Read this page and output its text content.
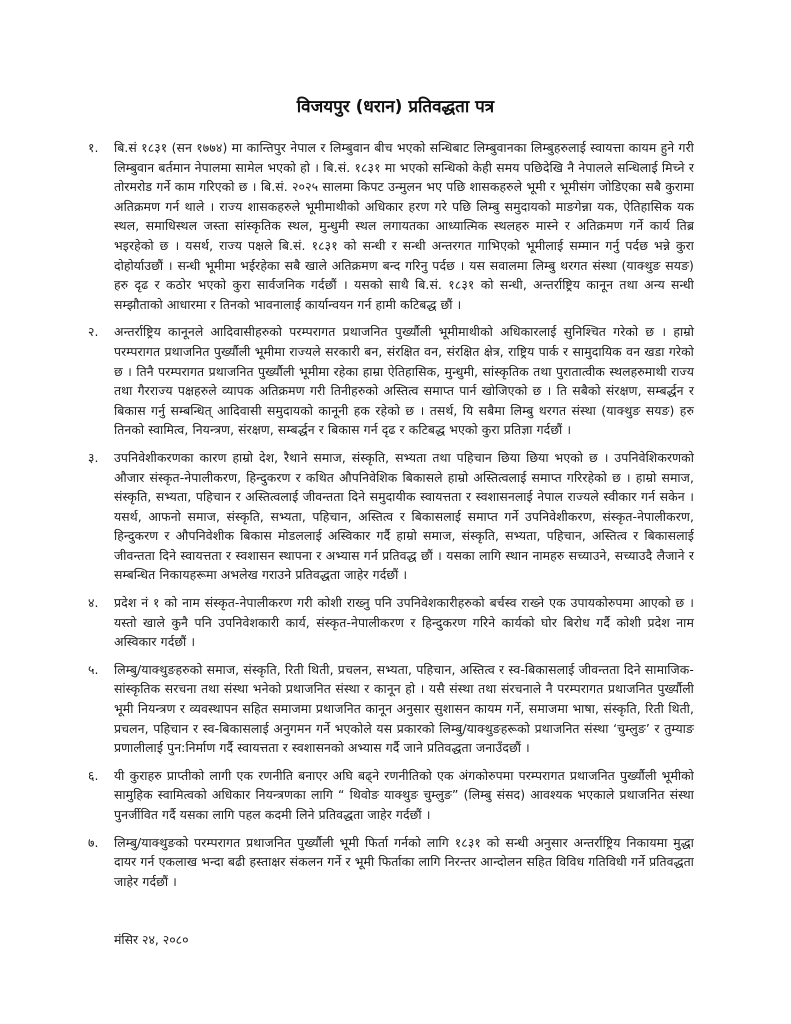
विजयपुर (धरान) प्रतिवद्धता पत्र
१.	बि.सं १८३१ (सन १७७४) मा कान्तिपुर नेपाल र लिम्बुवान बीच भएको सन्धिबाट लिम्बुवानका लिम्बुहरुलाई स्वायत्ता कायम हुने गरी लिम्बुवान बर्तमान नेपालमा सामेल भएको हो । बि.सं. १८३१ मा भएको सन्धिको केही समय पछिदेखि नै नेपालले सन्धिलाई मिच्ने र तोरमरोड गर्ने काम गरिएको छ । बि.सं. २०२५ सालमा किपट उन्मुलन भए पछि शासकहरुले भूमी र भूमीसंग जोडिएका सबै कुरामा अतिक्रमण गर्न थाले । राज्य शासकहरुले भूमीमाथीको अधिकार हरण गरे पछि लिम्बु समुदायको माङगेन्ना यक, ऐतिहासिक यक स्थल, समाधिस्थल जस्ता सांस्कृतिक स्थल, मुन्धुमी स्थल लगायतका आध्यात्मिक स्थलहरु मास्ने र अतिक्रमण गर्ने कार्य तिब्र भइरहेको छ । यसर्थ, राज्य पक्षले बि.सं. १८३१ को सन्धी र सन्धी अन्तरगत गाभिएको भूमीलाई सम्मान गर्नु पर्दछ भन्ने कुरा दोहोर्याउछौं । सन्धी भूमीमा भईरहेका सबै खाले अतिक्रमण बन्द गरिनु पर्दछ । यस सवालमा लिम्बु थरगत संस्था (याक्थुङ सयङ) हरु दृढ र कठोर भएको कुरा सार्वजनिक गर्दछौं । यसको साथै बि.सं. १८३१ को सन्धी, अन्तर्राष्ट्रिय कानून तथा अन्य सन्धी सम्झौताको आधारमा र तिनको भावनालाई कार्यान्वयन गर्न हामी कटिबद्ध छौं ।
२.	अन्तर्राष्ट्रिय कानूनले आदिवासीहरुको परम्परागत प्रथाजनित पुर्ख्यौली भूमीमाथीको अधिकारलाई सुनिश्चित गरेको छ । हाम्रो परम्परागत प्रथाजनित पुर्ख्यौली भूमीमा राज्यले सरकारी बन, संरक्षित वन, संरक्षित क्षेत्र, राष्ट्रिय पार्क र सामुदायिक वन खडा गरेको छ । तिनै परम्परागत प्रथाजनित पुर्ख्यौली भूमीमा रहेका हाम्रा ऐतिहासिक, मुन्धुमी, सांस्कृतिक तथा पुरातात्वीक स्थलहरुमाथी राज्य तथा गैरराज्य पक्षहरुले व्यापक अतिक्रमण गरी तिनीहरुको अस्तित्व समाप्त पार्न खोजिएको छ । ति सबैको संरक्षण, सम्बर्द्धन र बिकास गर्नु सम्बन्धित् आदिवासी समुदायको कानूनी हक रहेको छ । तसर्थ, यि सबैमा लिम्बु थरगत संस्था (याक्थुङ सयङ) हरु तिनको स्वामित्व, नियन्त्रण, संरक्षण, सम्बर्द्धन र बिकास गर्न दृढ र कटिबद्ध भएको कुरा प्रतिज्ञा गर्दछौं ।
३.	उपनिवेशीकरणका कारण हाम्रो देश, रैथाने समाज, संस्कृति, सभ्यता तथा पहिचान छिया छिया भएको छ । उपनिवेशिकरणको औजार संस्कृत-नेपालीकरण, हिन्दुकरण र कथित औपनिवेशिक बिकासले हाम्रो अस्तित्वलाई समाप्त गरिरहेको छ । हाम्रो समाज, संस्कृति, सभ्यता, पहिचान र अस्तित्वलाई जीवन्तता दिने समुदायीक स्वायत्तता र स्वशासनलाई नेपाल राज्यले स्वीकार गर्न सकेन । यसर्थ, आफनो समाज, संस्कृति, सभ्यता, पहिचान, अस्तित्व र बिकासलाई समाप्त गर्ने उपनिवेशीकरण, संस्कृत-नेपालीकरण, हिन्दुकरण र औपनिवेशीक बिकास मोडललाई अस्विकार गर्दै हाम्रो समाज, संस्कृति, सभ्यता, पहिचान, अस्तित्व र बिकासलाई जीवन्तता दिने स्वायत्तता र स्वशासन स्थापना र अभ्यास गर्न प्रतिवद्ध छौं । यसका लागि स्थान नामहरु सच्याउने, सच्याउदै लैजाने र सम्बन्धित निकायहरूमा अभलेख गराउने प्रतिवद्धता जाहेर गर्दछौं ।
४.	प्रदेश नं १ को नाम संस्कृत-नेपालीकरण गरी कोशी राख्नु पनि उपनिवेशकारीहरुको बर्चस्व राख्ने एक उपायकोरुपमा आएको छ । यस्तो खाले कुनै पनि उपनिवेशकारी कार्य, संस्कृत-नेपालीकरण र हिन्दुकरण गरिने कार्यको घोर बिरोध गर्दै कोशी प्रदेश नाम अस्विकार गर्दछौं ।
५.	लिम्बु/याक्थुङहरुको समाज, संस्कृति, रिती थिती, प्रचलन, सभ्यता, पहिचान, अस्तित्व र स्व-बिकासलाई जीवन्तता दिने सामाजिक-सांस्कृतिक सरचना तथा संस्था भनेको प्रथाजनित संस्था र कानून हो । यसै संस्था तथा संरचनाले नै परम्परागत प्रथाजनित पुर्ख्यौली भूमी नियन्त्रण र व्यवस्थापन सहित समाजमा प्रथाजनित कानून अनुसार सुशासन कायम गर्ने, समाजमा भाषा, संस्कृति, रिती थिती, प्रचलन, पहिचान र स्व-बिकासलाई अनुगमन गर्ने भएकोले यस प्रकारको लिम्बु/याक्थुङहरूको प्रथाजनित संस्था ‘चुम्लुङ’ र तुम्याङ प्रणालीलाई पुन:निर्माण गर्दै स्वायत्तता र स्वशासनको अभ्यास गर्दै जाने प्रतिवद्धता जनाउँदछौं ।
६.	यी कुराहरु प्राप्तीको लागी एक रणनीति बनाएर अघि बढ्ने रणनीतिको एक अंगकोरुपमा परम्परागत प्रथाजनित पुर्ख्यौली भूमीको सामुहिक स्वामित्वको अधिकार नियन्त्रणका लागि “ थिवोङ याक्थुङ चुम्लुङ” (लिम्बु संसद) आवश्यक भएकाले प्रथाजनित संस्था पुनर्जीवित गर्दै यसका लागि पहल कदमी लिने प्रतिवद्धता जाहेर गर्दछौं ।
७.	लिम्बु/याक्थुङको परम्परागत प्रथाजनित पुर्ख्यौली भूमी फिर्ता गर्नको लागि १८३१ को सन्धी अनुसार अन्तर्राष्ट्रिय निकायमा मुद्धा दायर गर्न एकलाख भन्दा बढी हस्ताक्षर संकलन गर्ने र भूमी फिर्ताका लागि निरन्तर आन्दोलन सहित विविध गतिविधी गर्ने प्रतिवद्धता जाहेर गर्दछौं ।
मंसिर २४, २०८०
